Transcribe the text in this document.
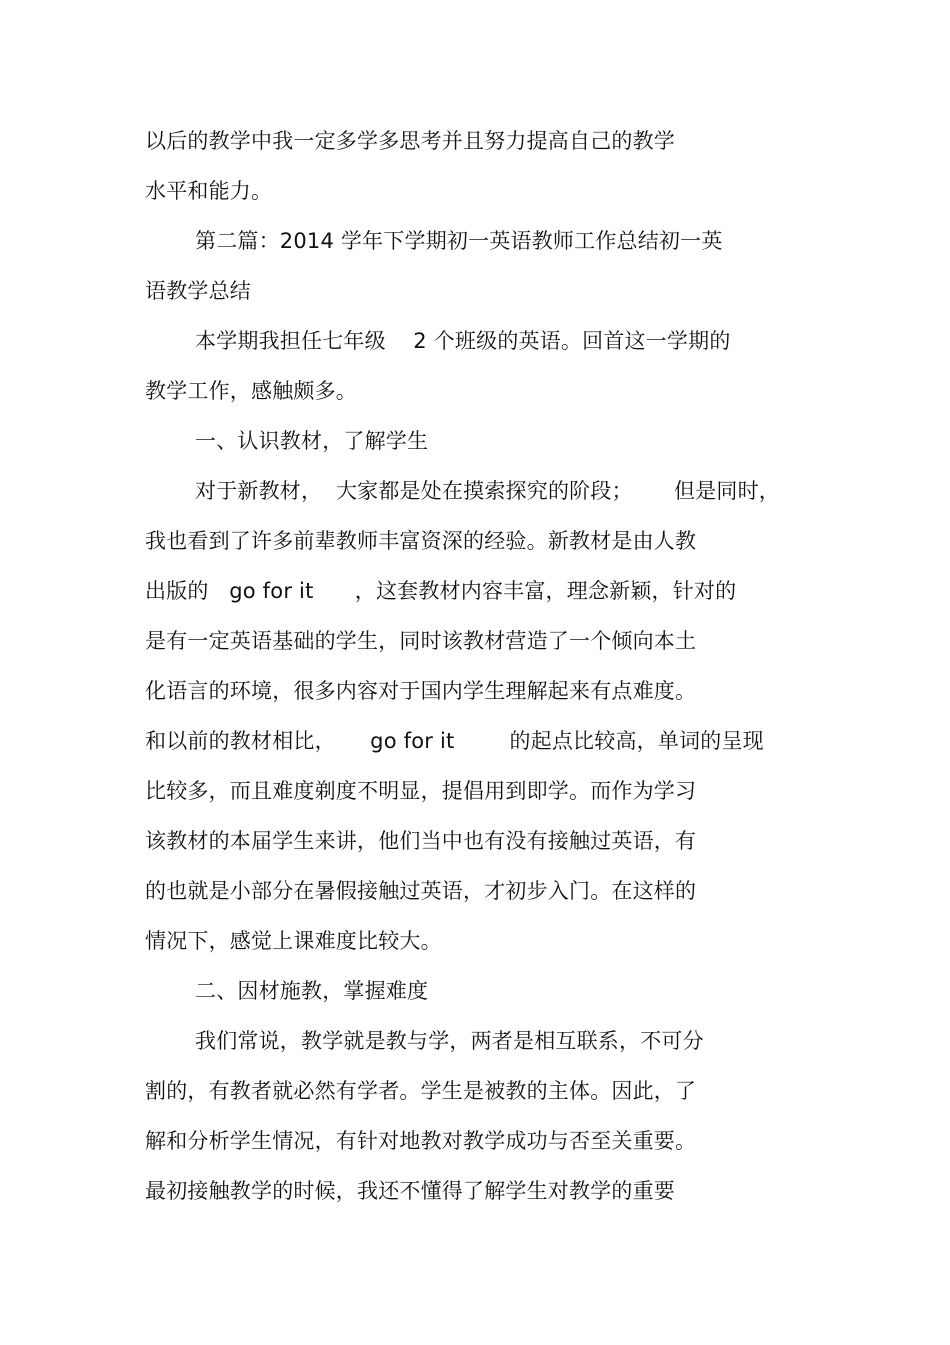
以后的教学中我一定多学多思考并且努力提高自己的教学
水平和能力。
第二篇：2014 学年下学期初一英语教师工作总结初一英
语教学总结
本学期我担任七年级    2 个班级的英语。回首这一学期的
教学工作，感触颇多。
一、认识教材，了解学生
对于新教材，  大家都是处在摸索探究的阶段；      但是同时，
我也看到了许多前辈教师丰富资深的经验。新教材是由人教
出版的   go for it      ，这套教材内容丰富，理念新颖，针对的
是有一定英语基础的学生，同时该教材营造了一个倾向本土
化语言的环境，很多内容对于国内学生理解起来有点难度。
和以前的教材相比，     go for it        的起点比较高，单词的呈现
比较多，而且难度剃度不明显，提倡用到即学。而作为学习
该教材的本届学生来讲，他们当中也有没有接触过英语，有
的也就是小部分在暑假接触过英语，才初步入门。在这样的
情况下，感觉上课难度比较大。
二、因材施教，掌握难度
我们常说，教学就是教与学，两者是相互联系，不可分
割的，有教者就必然有学者。学生是被教的主体。因此，了
解和分析学生情况，有针对地教对教学成功与否至关重要。
最初接触教学的时候，我还不懂得了解学生对教学的重要
